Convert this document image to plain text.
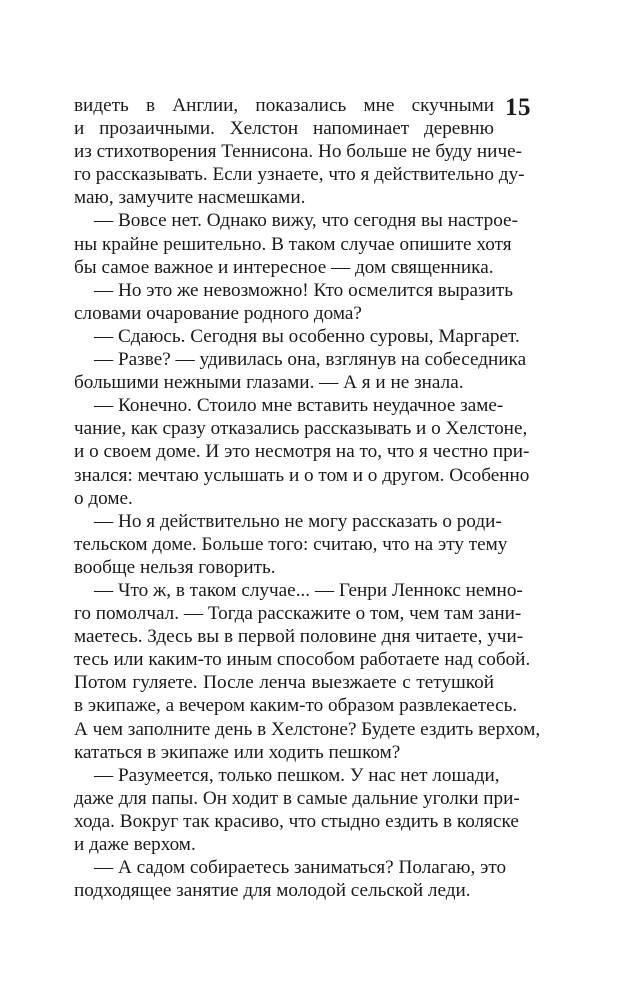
15
видеть в Англии, показались мне скучными
и прозаичными. Хелстон напоминает деревню
из стихотворения Теннисона. Но больше не буду ниче-
го рассказывать. Если узнаете, что я действительно ду-
маю, замучите насмешками.
— Вовсе нет. Однако вижу, что сегодня вы настрое-
ны крайне решительно. В таком случае опишите хотя
бы самое важное и интересное — дом священника.
— Но это же невозможно! Кто осмелится выразить
словами очарование родного дома?
— Сдаюсь. Сегодня вы особенно суровы, Маргарет.
— Разве? — удивилась она, взглянув на собеседника
большими нежными глазами. — А я и не знала.
— Конечно. Стоило мне вставить неудачное заме-
чание, как сразу отказались рассказывать и о Хелстоне,
и о своем доме. И это несмотря на то, что я честно при-
знался: мечтаю услышать и о том и о другом. Особенно
о доме.
— Но я действительно не могу рассказать о роди-
тельском доме. Больше того: считаю, что на эту тему
вообще нельзя говорить.
— Что ж, в таком случае... — Генри Леннокс немно-
го помолчал. — Тогда расскажите о том, чем там зани-
маетесь. Здесь вы в первой половине дня читаете, учи-
тесь или каким-то иным способом работаете над собой.
Потом гуляете. После ленча выезжаете с тетушкой
в экипаже, а вечером каким-то образом развлекаетесь.
А чем заполните день в Хелстоне? Будете ездить верхом,
кататься в экипаже или ходить пешком?
— Разумеется, только пешком. У нас нет лошади,
даже для папы. Он ходит в самые дальние уголки при-
хода. Вокруг так красиво, что стыдно ездить в коляске
и даже верхом.
— А садом собираетесь заниматься? Полагаю, это
подходящее занятие для молодой сельской леди.
